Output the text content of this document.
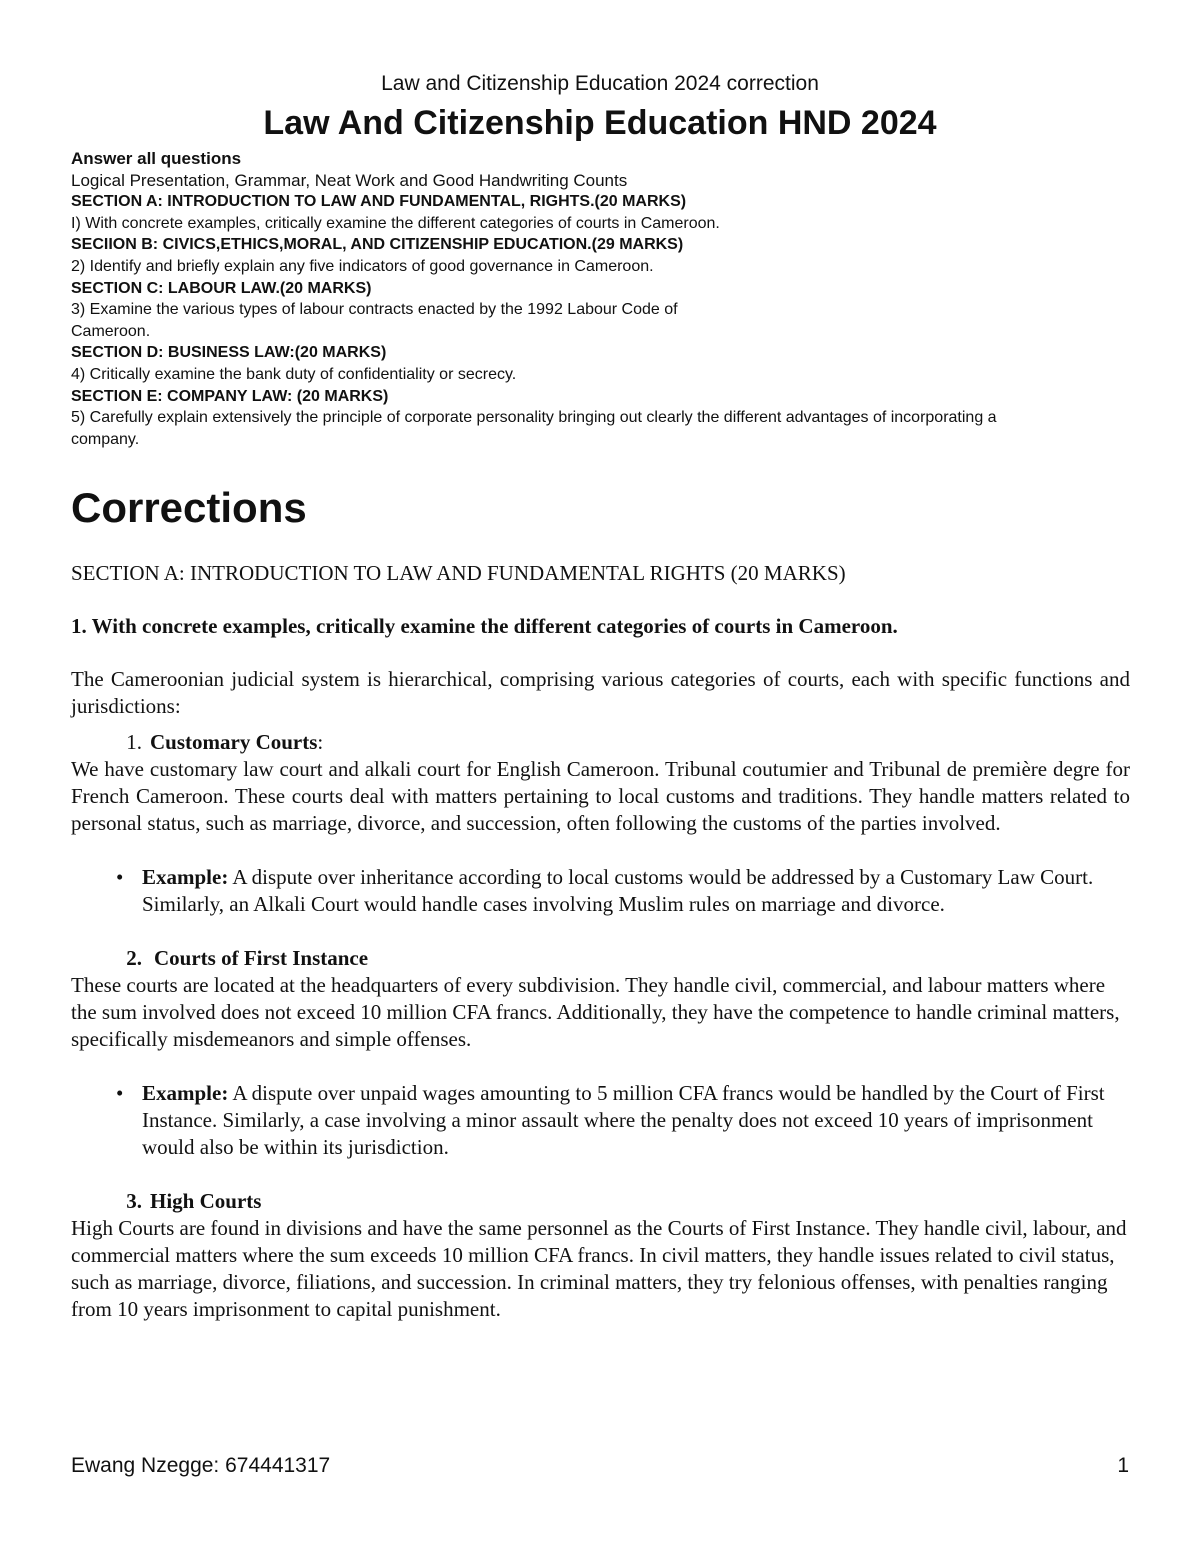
Law and Citizenship Education 2024 correction
Law And Citizenship Education HND 2024
Answer all questions
Logical Presentation, Grammar, Neat Work and Good Handwriting Counts
SECTION A: INTRODUCTION TO LAW AND FUNDAMENTAL, RIGHTS.(20 MARKS)
I) With concrete examples, critically examine the different categories of courts in Cameroon.
SECIION B: CIVICS,ETHICS,MORAL, AND CITIZENSHIP EDUCATION.(29 MARKS)
2) Identify and briefly explain any five indicators of good governance in Cameroon.
SECTION C: LABOUR LAW.(20 MARKS)
3) Examine the various types of labour contracts enacted by the 1992 Labour Code of
Cameroon.
SECTION D: BUSINESS LAW:(20 MARKS)
4) Critically examine the bank duty of confidentiality or secrecy.
SECTION E: COMPANY LAW: (20 MARKS)
5) Carefully explain extensively the principle of corporate personality bringing out clearly the different advantages of incorporating a
company.
Corrections

SECTION A: INTRODUCTION TO LAW AND FUNDAMENTAL RIGHTS (20 MARKS)

1. With concrete examples, critically examine the different categories of courts in Cameroon.

The Cameroonian judicial system is hierarchical, comprising various categories of courts, each with specific functions and jurisdictions:

1. Customary Courts:

We have customary law court and alkali court for English Cameroon. Tribunal coutumier and Tribunal de première degre for French Cameroon. These courts deal with matters pertaining to local customs and traditions. They handle matters related to personal status, such as marriage, divorce, and succession, often following the customs of the parties involved.

• Example: A dispute over inheritance according to local customs would be addressed by a Customary Law Court. Similarly, an Alkali Court would handle cases involving Muslim rules on marriage and divorce.
2. Courts of First Instance

These courts are located at the headquarters of every subdivision. They handle civil, commercial, and labour matters where the sum involved does not exceed 10 million CFA francs. Additionally, they have the competence to handle criminal matters, specifically misdemeanors and simple offenses.

• Example: A dispute over unpaid wages amounting to 5 million CFA francs would be handled by the Court of First Instance. Similarly, a case involving a minor assault where the penalty does not exceed 10 years of imprisonment would also be within its jurisdiction.
3. High Courts

High Courts are found in divisions and have the same personnel as the Courts of First Instance. They handle civil, labour, and commercial matters where the sum exceeds 10 million CFA francs. In civil matters, they handle issues related to civil status, such as marriage, divorce, filiations, and succession. In criminal matters, they try felonious offenses, with penalties ranging from 10 years imprisonment to capital punishment.

Ewang Nzegge: 674441317	1
